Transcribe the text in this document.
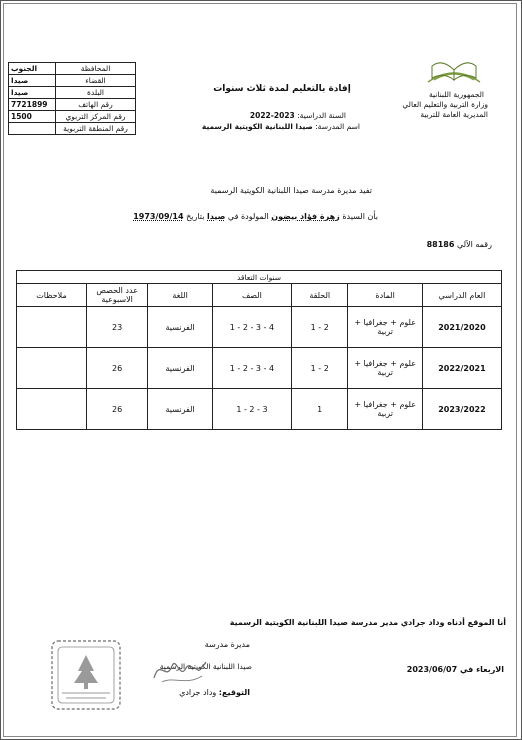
الجنوب	المحافظة
صيدا	القضاء
صيدا	البلدة
7721899	رقم الهاتف
1500	رقم المركز التربوي
	رقم المنطقة التربوية
الجمهورية اللبنانية
وزارة التربية والتعليم العالي
المديرية العامة للتربية
إفادة بالتعليم لمدة ثلاث سنوات
السنة الدراسية: 2022-2023
اسم المدرسة: صيدا اللبنانية الكويتية الرسمية
تفيد مديرة مدرسة صيدا اللبنانية الكويتية الرسمية
بأن السيدة زهرة فؤاد بيضون المولودة في صيدا بتاريخ 1973/09/14
رقمه الآلي 88186
سنوات التعاقد						
ملاحظات	عدد الحصص الاسبوعية	اللغة	الصف	الحلقة	المادة	العام الدراسي
	23	الفرنسية	1 - 2 - 3 - 4	1 - 2	علوم + جغرافيا + تربية	2021/2020
	26	الفرنسية	1 - 2 - 3 - 4	1 - 2	علوم + جغرافيا + تربية	2022/2021
	26	الفرنسية	1 - 2 - 3	1	علوم + جغرافيا + تربية	2023/2022
أنا الموقع أدناه وداد جرادي مدير مدرسة صيدا اللبنانية الكويتية الرسمية
الاربعاء في 2023/06/07
مديرة مدرسة
صيدا اللبنانية الكويتية الرسمية
التوقيع: وداد جرادي
